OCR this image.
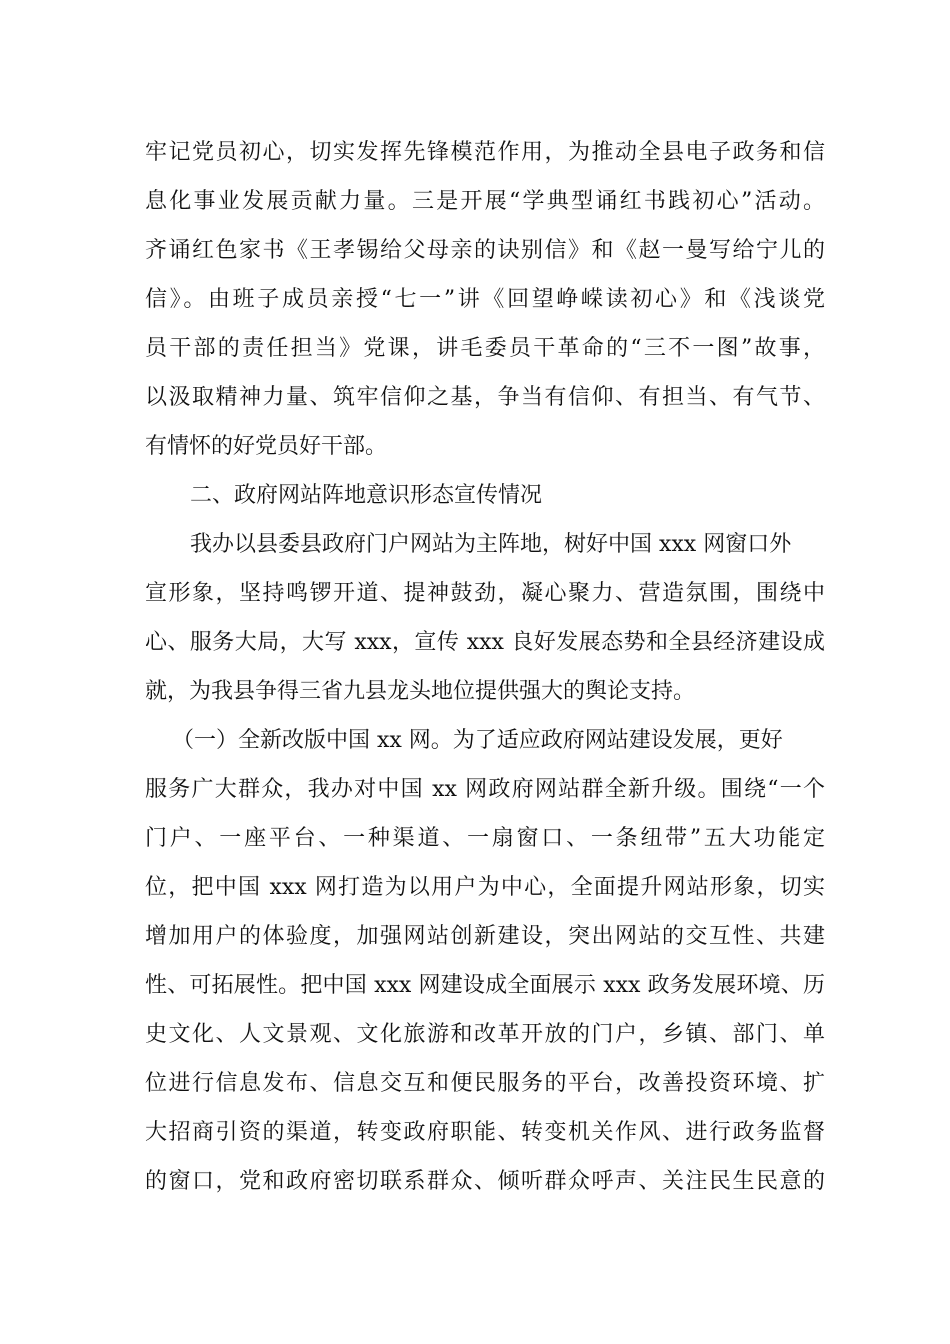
牢记党员初心，切实发挥先锋模范作用，为推动全县电子政务和信
息化事业发展贡献力量。三是开展“学典型诵红书践初心”活动。
齐诵红色家书《王孝锡给父母亲的诀别信》和《赵一曼写给宁儿的
信》。由班子成员亲授“七一”讲《回望峥嵘读初心》和《浅谈党
员干部的责任担当》党课，讲毛委员干革命的“三不一图”故事，
以汲取精神力量、筑牢信仰之基，争当有信仰、有担当、有气节、
有情怀的好党员好干部。
二、政府网站阵地意识形态宣传情况
我办以县委县政府门户网站为主阵地，树好中国 xxx 网窗口外
宣形象，坚持鸣锣开道、提神鼓劲，凝心聚力、营造氛围，围绕中
心、服务大局，大写 xxx，宣传 xxx 良好发展态势和全县经济建设成
就，为我县争得三省九县龙头地位提供强大的舆论支持。
（一）全新改版中国 xx 网。为了适应政府网站建设发展，更好
服务广大群众，我办对中国 xx 网政府网站群全新升级。围绕“一个
门户、一座平台、一种渠道、一扇窗口、一条纽带”五大功能定
位，把中国 xxx 网打造为以用户为中心，全面提升网站形象，切实
增加用户的体验度，加强网站创新建设，突出网站的交互性、共建
性、可拓展性。把中国 xxx 网建设成全面展示 xxx 政务发展环境、历
史文化、人文景观、文化旅游和改革开放的门户，乡镇、部门、单
位进行信息发布、信息交互和便民服务的平台，改善投资环境、扩
大招商引资的渠道，转变政府职能、转变机关作风、进行政务监督
的窗口，党和政府密切联系群众、倾听群众呼声、关注民生民意的
